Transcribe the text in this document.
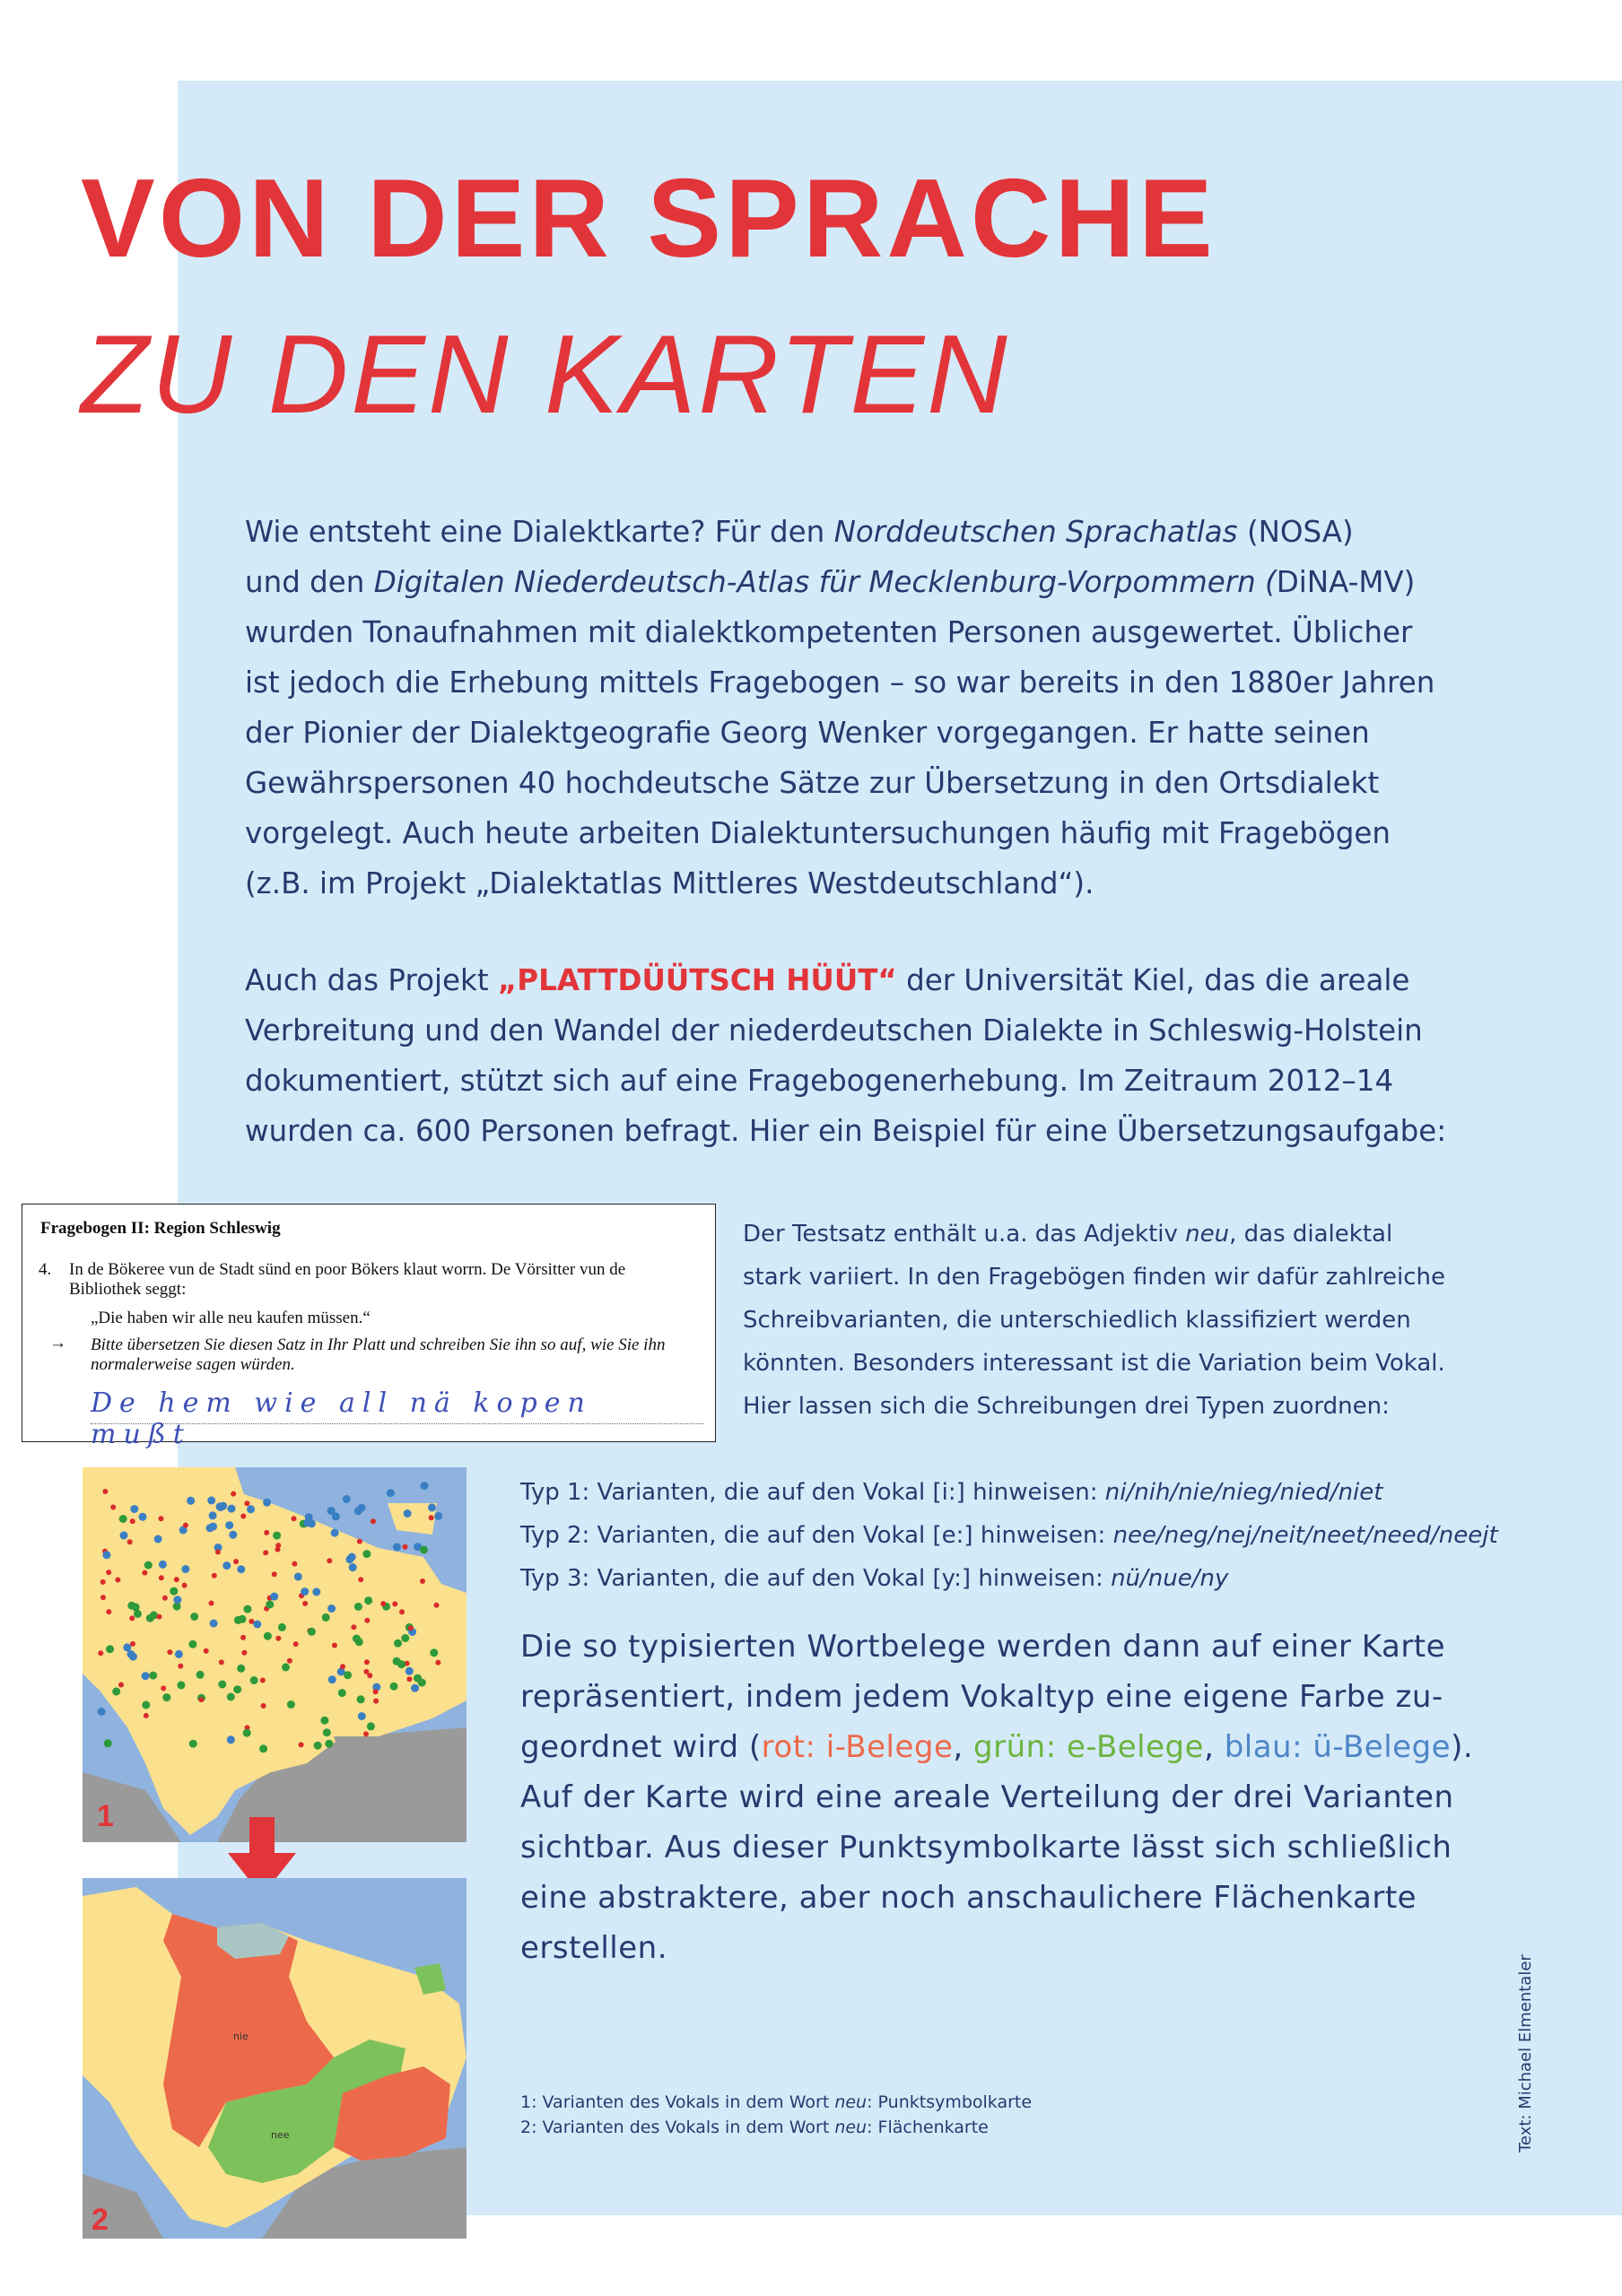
VON DER SPRACHE
ZU DEN KARTEN
Wie entsteht eine Dialektkarte? Für den Norddeutschen Sprachatlas (NOSA)
und den Digitalen Niederdeutsch-Atlas für Mecklenburg-Vorpommern (DiNA-MV)
wurden Tonaufnahmen mit dialektkompetenten Personen ausgewertet. Üblicher
ist jedoch die Erhebung mittels Fragebogen – so war bereits in den 1880er Jahren
der Pionier der Dialektgeografie Georg Wenker vorgegangen. Er hatte seinen
Gewährspersonen 40 hochdeutsche Sätze zur Übersetzung in den Ortsdialekt
vorgelegt. Auch heute arbeiten Dialektuntersuchungen häufig mit Fragebögen
(z.B. im Projekt „Dialektatlas Mittleres Westdeutschland“).
Auch das Projekt „PLATTDÜÜTSCH HÜÜT“ der Universität Kiel, das die areale
Verbreitung und den Wandel der niederdeutschen Dialekte in Schleswig-Holstein
dokumentiert, stützt sich auf eine Fragebogenerhebung. Im Zeitraum 2012–14
wurden ca. 600 Personen befragt. Hier ein Beispiel für eine Übersetzungsaufgabe:
Fragebogen II: Region Schleswig
4. In de Bökeree vun de Stadt sünd en poor Bökers klaut worrn. De Vörsitter vun de
Bibliothek seggt:
„Die haben wir alle neu kaufen müssen.“
→ Bitte übersetzen Sie diesen Satz in Ihr Platt und schreiben Sie ihn so auf, wie Sie ihn
normalerweise sagen würden.
De hem wie all nä kopen mußt
Der Testsatz enthält u.a. das Adjektiv neu, das dialektal
stark variiert. In den Fragebögen finden wir dafür zahlreiche
Schreibvarianten, die unterschiedlich klassifiziert werden
könnten. Besonders interessant ist die Variation beim Vokal.
Hier lassen sich die Schreibungen drei Typen zuordnen:
Typ 1: Varianten, die auf den Vokal [i:] hinweisen: ni/nih/nie/nieg/nied/niet
Typ 2: Varianten, die auf den Vokal [e:] hinweisen: nee/neg/nej/neit/neet/need/neejt
Typ 3: Varianten, die auf den Vokal [y:] hinweisen: nü/nue/ny
Die so typisierten Wortbelege werden dann auf einer Karte
repräsentiert, indem jedem Vokaltyp eine eigene Farbe zu-
geordnet wird (rot: i-Belege, grün: e-Belege, blau: ü-Belege).
Auf der Karte wird eine areale Verteilung der drei Varianten
sichtbar. Aus dieser Punktsymbolkarte lässt sich schließlich
eine abstraktere, aber noch anschaulichere Flächenkarte
erstellen.
1
nie
nee
2
1: Varianten des Vokals in dem Wort neu: Punktsymbolkarte
2: Varianten des Vokals in dem Wort neu: Flächenkarte	Text: Michael Elmentaler
